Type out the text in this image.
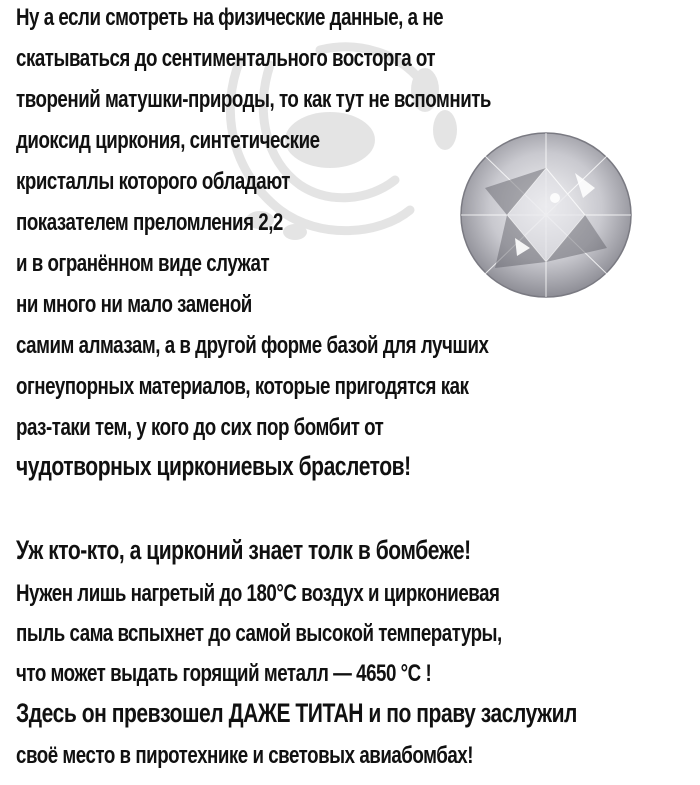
Ну а если смотреть на физические данные, а не
скатываться до сентиментального восторга от
творений матушки-природы, то как тут не вспомнить
диоксид циркония, синтетические
кристаллы которого обладают
показателем преломления 2,2
и в огранённом виде служат
ни много ни мало заменой
самим алмазам, а в другой форме базой для лучших
огнеупорных материалов, которые пригодятся как
раз-таки тем, у кого до сих пор бомбит от
чудотворных циркониевых браслетов!
Уж кто-кто, а цирконий знает толк в бомбеже!
Нужен лишь нагретый до 180°С воздух и циркониевая
пыль сама вспыхнет до самой высокой температуры,
что может выдать горящий металл — 4650 °С !
Здесь он превзошел ДАЖЕ ТИТАН и по праву заслужил
своё место в пиротехнике и световых авиабомбах!
